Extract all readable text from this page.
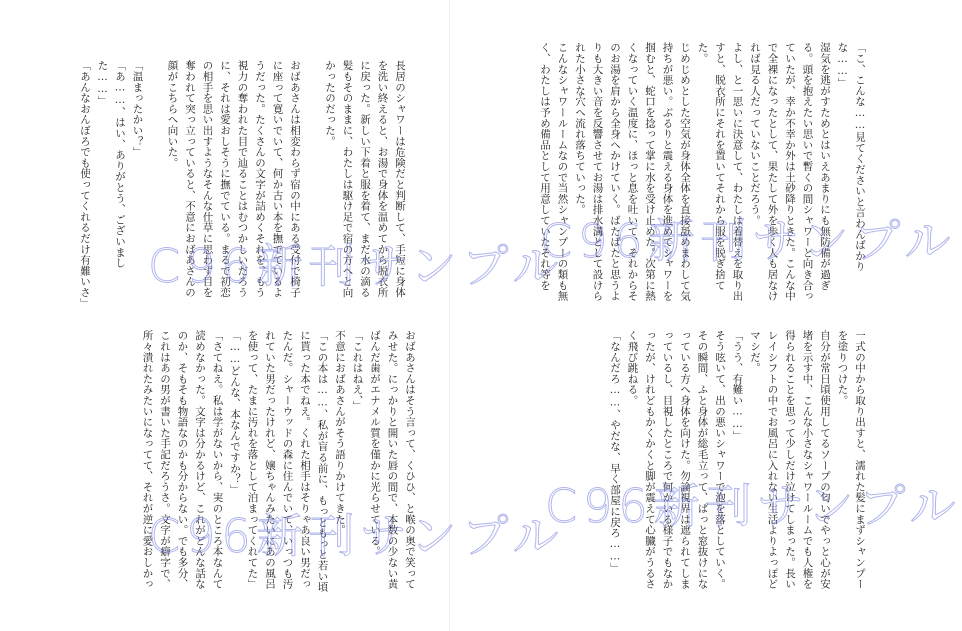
長居のシャワーは危険だと判断して、手短に身体を洗い終えると、お湯で身体を温めてから脱衣所に戻った。新しい下着と服を着て、まだ水の滴る髪もそのままに、わたしは駆け足で宿の方へと向かったのだった。

おばあさんは相変わらず宿の中にある受付で椅子に座って寛いでいて、何か古い本を撫でているようだった。たくさんの文字が詰めくそれを、もう視力の奪われた目で辿ることはむつかしいだろうに、それは愛おしそうに撫でている。まるで初恋の相手を思い出すようなそんな仕草に思わず目を奪われて突っ立っていると、不意におばあさんの顔がこちらへ向いた。

「温まったかい？」
「あ……、はい、ありがとう、ございました……」
「あんなおんぼろでも使ってくれるだけ有難いさ」
おばあさんはそう言って、くひひ、と喉の奥で笑ってみせた。にっかりと開いた唇の間で、本数の少ない黄ばんだ歯がエナメル質を僅かに光らせている。
「これはねえ、」
不意におばあさんがそう語りかけてきた。
「この本は……、私が盲る前に、もっともっと若い頃に貰った本でねえ。くれた相手はそりゃあ良い男だったんだ。シャーウッドの森に住んでいて、いっつも汚れていた男だったけれど、嬢ちゃんみたいにあの風呂を使って、たまに汚れを落として泊まってくれてた」
「……どんな、本なんですか？」
「さてねえ。私は学がないから、実のところ本なんて読めなかった。文字は分かるけど、これがどんな話なのか、そもそも物語なのかも分からない。でも多分、これはあの男が書いた手記だろうさ。文字が癖字で、所々潰れたみたいになってて、それが逆に愛おしかっ
「こ、こんな……見てくださいと言わんばかりな……」
湿気を逃がすためとはいえあまりにも無防備が過ぎる。頭を抱えたい思いで暫くの間シャワーと向き合っていたが、幸か不幸か外は土砂降りときた。こんな中で全裸になったとして、果たして外を歩く人も居なければ見る人だっていないことだろう。
よし、と一思いに決意して、わたしは着替えを取り出すと、脱衣所にそれを置いてそれから服を脱ぎ捨てた。
じめじめとした空気が身体全体を直接舐めまわして気持ちが悪い。ぶるりと震える身体を進めてシャワーを掴むと、蛇口を捻って掌に水を受け止めた。次第に熱くなっていく温度に、ほっと息を吐いて、それからそのお湯を肩から全身へかけていく。ばたばたと思うよりも大きい音を反響させてお湯は排水溝として設けられた小さな穴へ流れ落ちていった。
こんなシャワールームなので当然シャンプーの類も無く、わたしは予め備品として用意していたそれ等を
一式の中から取り出すと、濡れた髪にまずシャンプーを塗りつけた。
自分が常日頃使用してるソープの匂いでやっと心が安堵を示す中、こんな小さなシャワールームでも人権を得られることを思って少しだけ泣けてしまった。長いレイシフトの中でお風呂に入れない生活よりよっぽどマシだ。
「うう、有難い……」
そう呟いて、出の悪いシャワーで泡を落としていく。その瞬間、ふと身体が総毛立って、ぱっと窓抜けになっている方へ身体を向けた。勿論視界は遮られてしまっているし、目視したところで何かいる様子でもなかったが、けれどもかくかくと脚が震えて心臓がうるさく飛び跳ねる。
「なんだろ……、やだな、早く部屋に戻ろ……」
C96新刊サンプル
C96新刊サンプル
C96新刊サンプル
C96新刊サンプル
